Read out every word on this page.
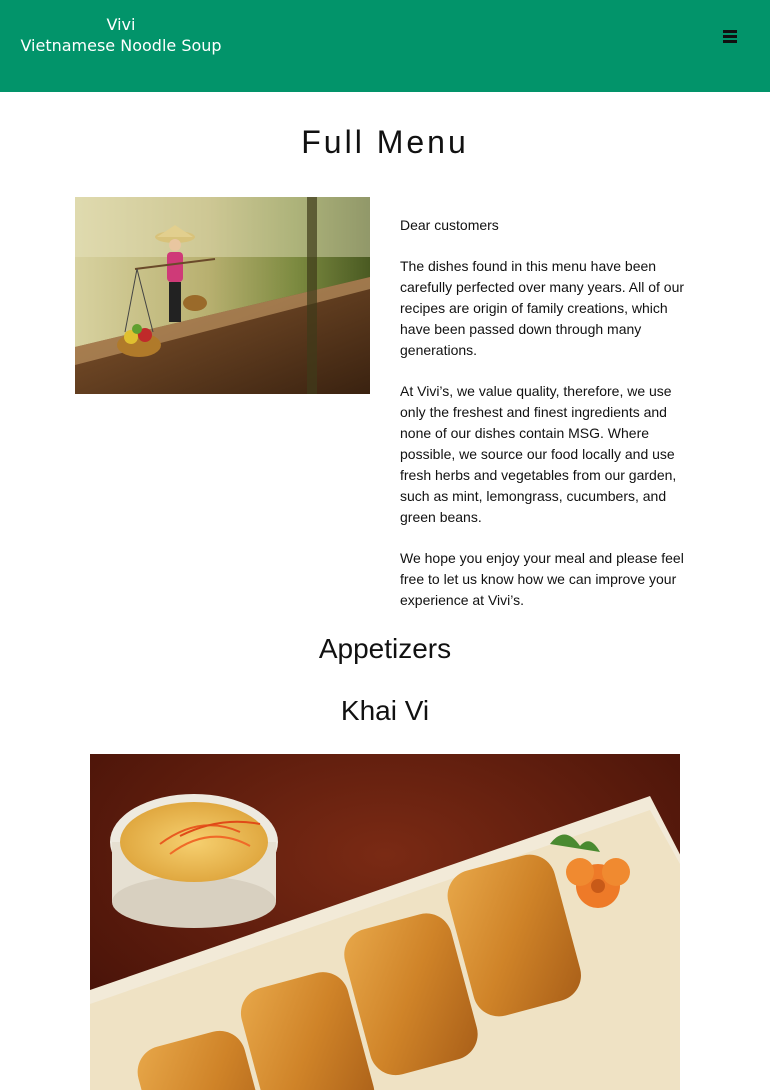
Vivi
Vietnamese Noodle Soup
Full Menu

Dear customers

The dishes found in this menu have been carefully perfected over many years. All of our recipes are origin of family creations, which have been passed down through many generations.

At Vivi’s, we value quality, therefore, we use only the freshest and finest ingredients and none of our dishes contain MSG. Where possible, we source our food locally and use fresh herbs and vegetables from our garden, such as mint, lemongrass, cucumbers, and green beans.

We hope you enjoy your meal and please feel free to let us know how we can improve your experience at Vivi’s.

Appetizers
Khai Vi
